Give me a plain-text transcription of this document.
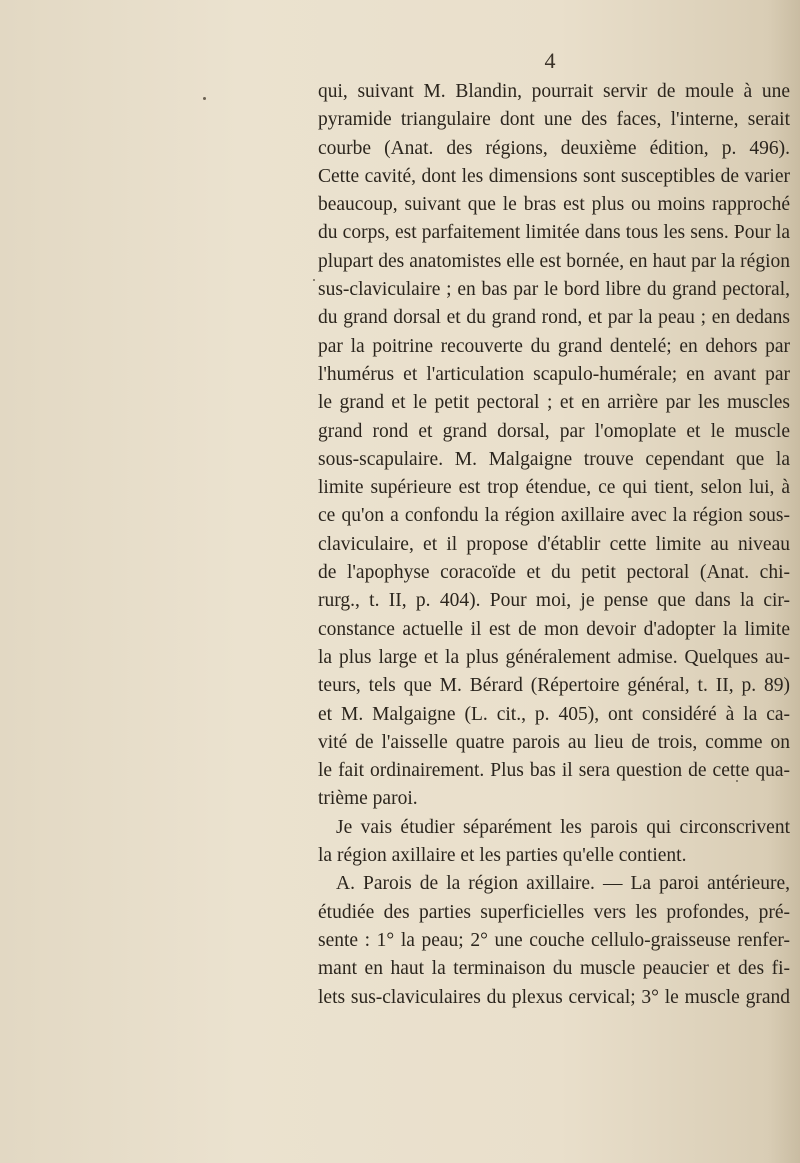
4
qui, suivant M. Blandin, pourrait servir de moule à une
pyramide triangulaire dont une des faces, l'interne, serait
courbe (Anat. des régions, deuxième édition, p. 496).
Cette cavité, dont les dimensions sont susceptibles de varier
beaucoup, suivant que le bras est plus ou moins rapproché
du corps, est parfaitement limitée dans tous les sens. Pour la
plupart des anatomistes elle est bornée, en haut par la région
sus-claviculaire ; en bas par le bord libre du grand pectoral,
du grand dorsal et du grand rond, et par la peau ; en dedans
par la poitrine recouverte du grand dentelé; en dehors par
l'humérus et l'articulation scapulo-humérale; en avant par
le grand et le petit pectoral ; et en arrière par les muscles
grand rond et grand dorsal, par l'omoplate et le muscle
sous-scapulaire. M. Malgaigne trouve cependant que la
limite supérieure est trop étendue, ce qui tient, selon lui, à
ce qu'on a confondu la région axillaire avec la région sous-
claviculaire, et il propose d'établir cette limite au niveau
de l'apophyse coracoïde et du petit pectoral (Anat. chi-
rurg., t. II, p. 404). Pour moi, je pense que dans la cir-
constance actuelle il est de mon devoir d'adopter la limite
la plus large et la plus généralement admise. Quelques au-
teurs, tels que M. Bérard (Répertoire général, t. II, p. 89)
et M. Malgaigne (L. cit., p. 405), ont considéré à la ca-
vité de l'aisselle quatre parois au lieu de trois, comme on
le fait ordinairement. Plus bas il sera question de cette qua-
trième paroi.
Je vais étudier séparément les parois qui circonscrivent
la région axillaire et les parties qu'elle contient.
A. Parois de la région axillaire. — La paroi antérieure,
étudiée des parties superficielles vers les profondes, pré-
sente : 1° la peau; 2° une couche cellulo-graisseuse renfer-
mant en haut la terminaison du muscle peaucier et des fi-
lets sus-claviculaires du plexus cervical; 3° le muscle grand
